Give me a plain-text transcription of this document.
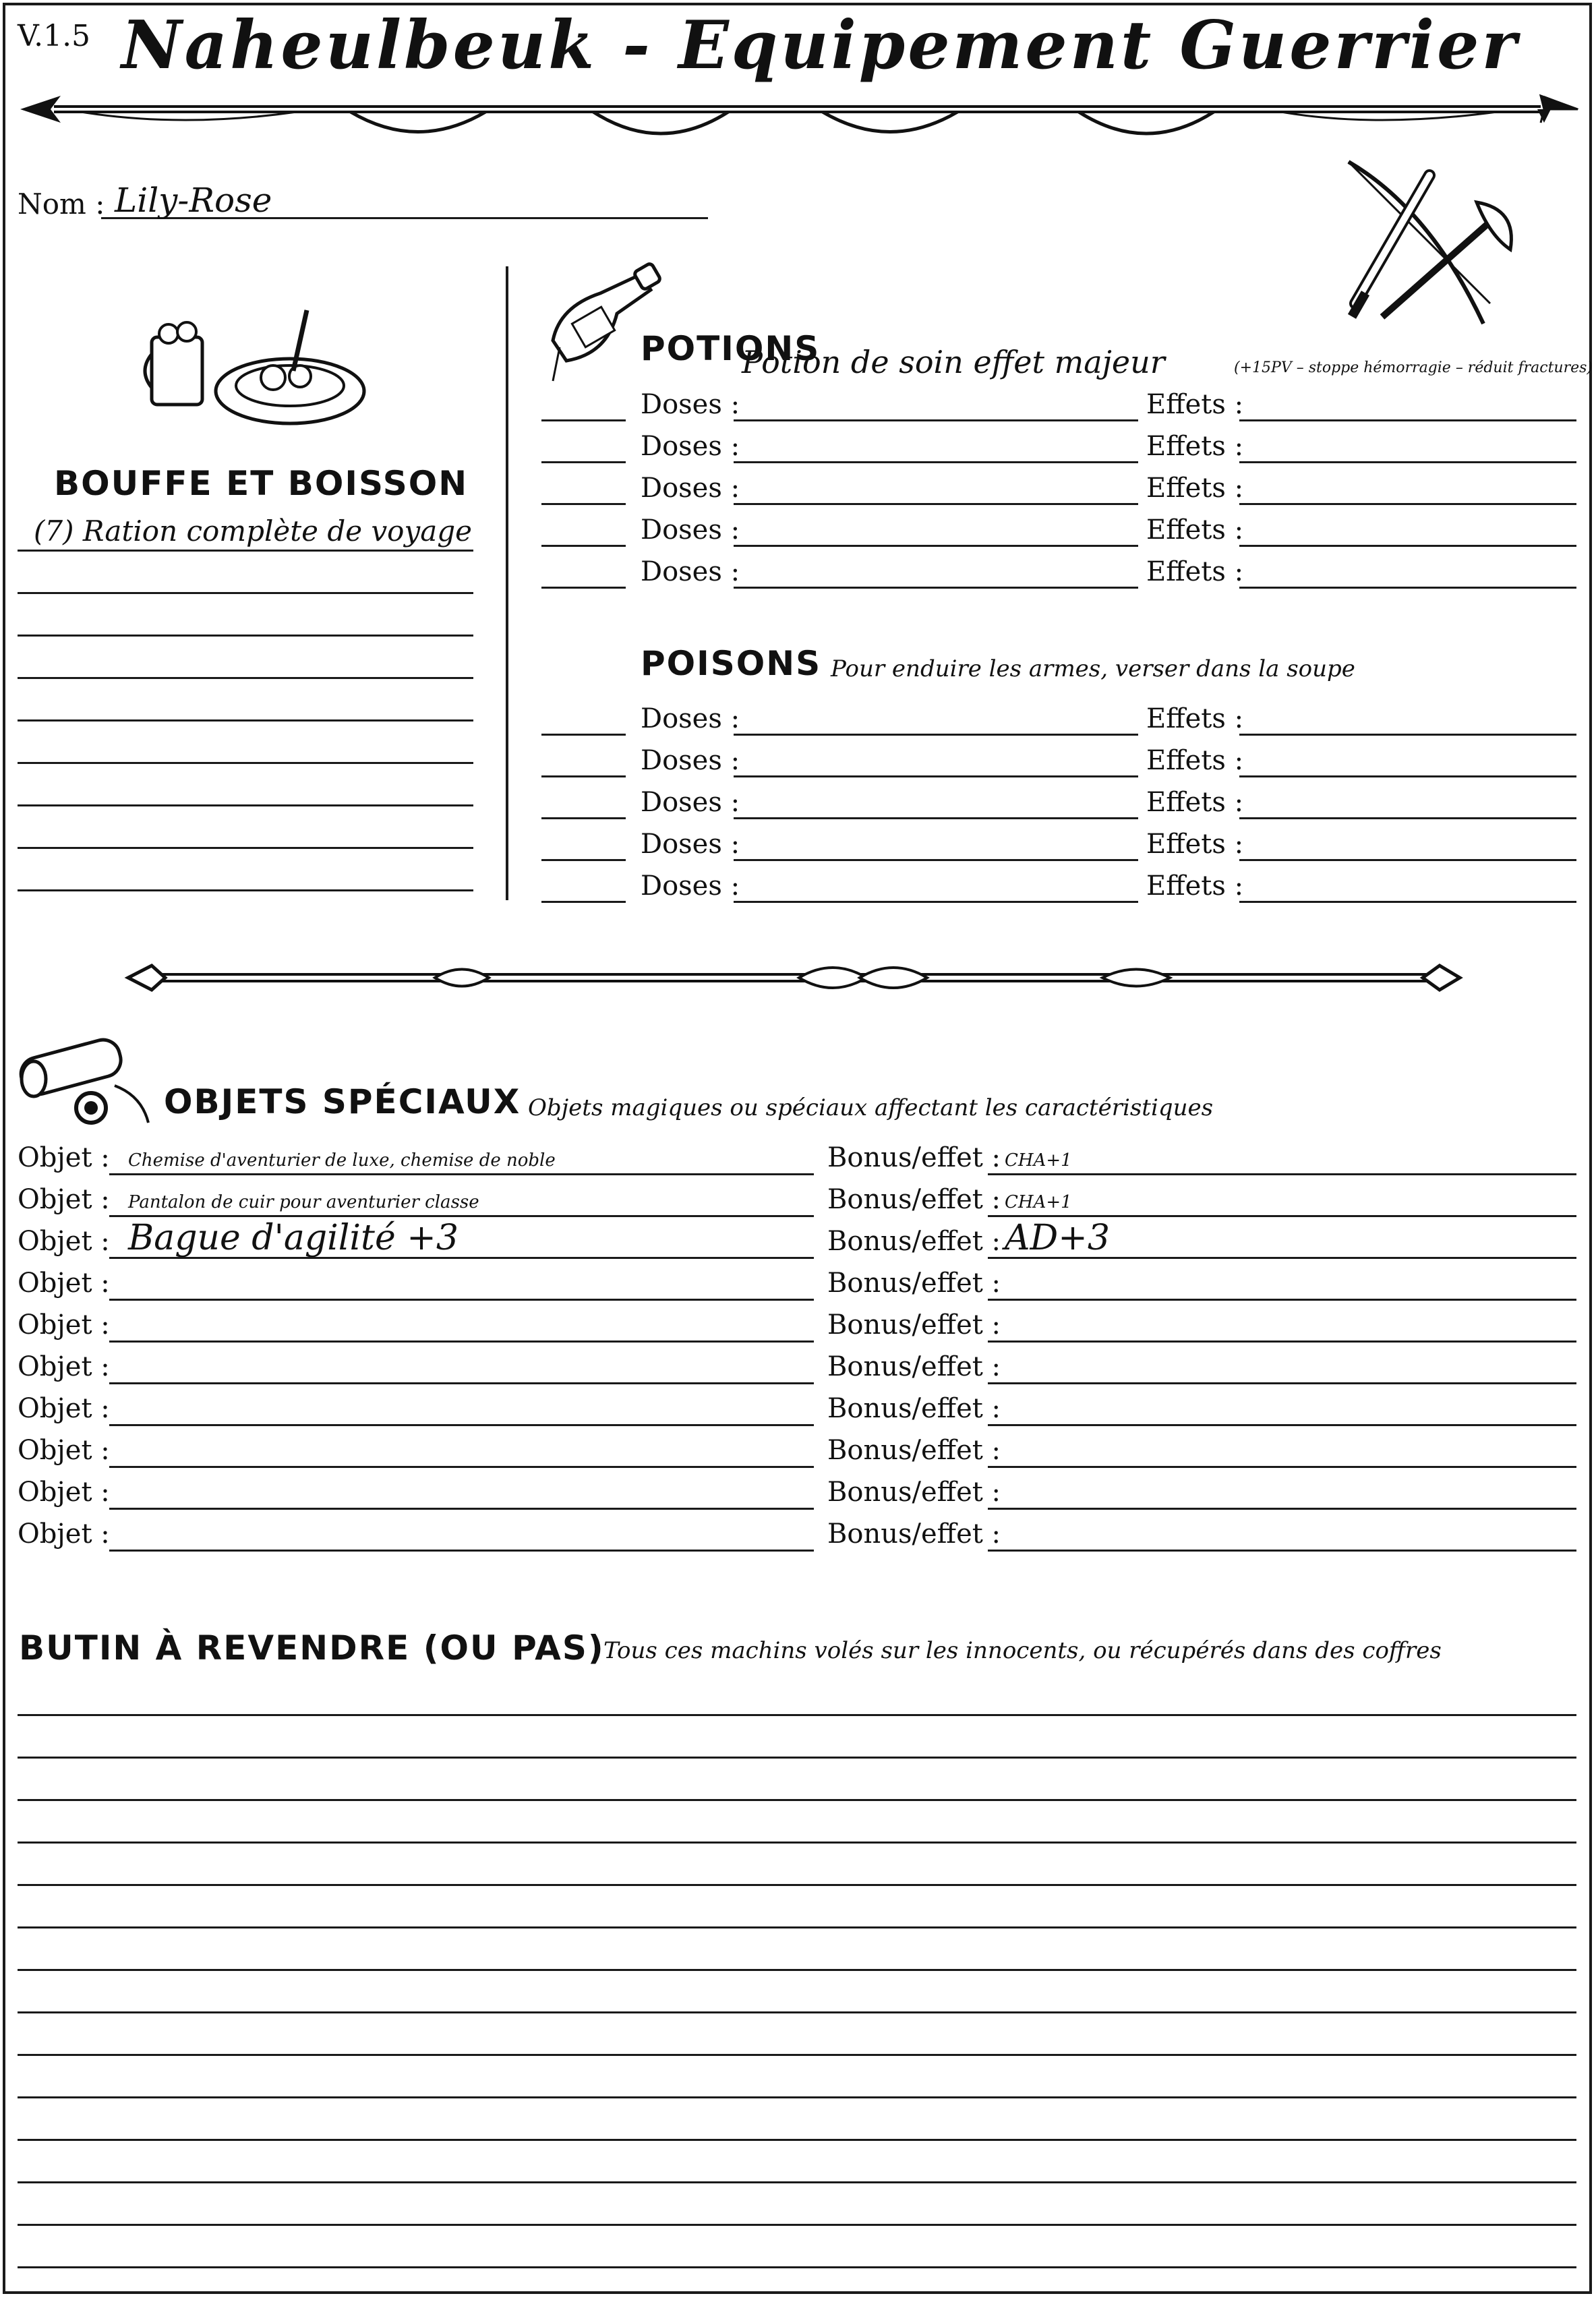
V.1.5 Naheulbeuk - Equipement Guerrier
Nom : Lily-Rose
BOUFFE ET BOISSON
(7) Ration complète de voyage
POTIONS
Potion de soin effet majeur	(+15PV – stoppe hémorragie – réduit fractures)
Doses :	Effets :
Doses :	Effets :
Doses :	Effets :
Doses :	Effets :
Doses :	Effets :
POISONS Pour enduire les armes, verser dans la soupe
Doses :	Effets :
Doses :	Effets :
Doses :	Effets :
Doses :	Effets :
Doses :	Effets :
OBJETS SPÉCIAUX Objets magiques ou spéciaux affectant les caractéristiques
Objet : Chemise d'aventurier de luxe, chemise de noble	Bonus/effet : CHA+1
Objet : Pantalon de cuir pour aventurier classe	Bonus/effet : CHA+1
Objet : Bague d'agilité +3	Bonus/effet : AD+3
Objet :	Bonus/effet :
Objet :	Bonus/effet :
Objet :	Bonus/effet :
Objet :	Bonus/effet :
Objet :	Bonus/effet :
Objet :	Bonus/effet :
Objet :	Bonus/effet :
BUTIN À REVENDRE (OU PAS)
Tous ces machins volés sur les innocents, ou récupérés dans des coffres
